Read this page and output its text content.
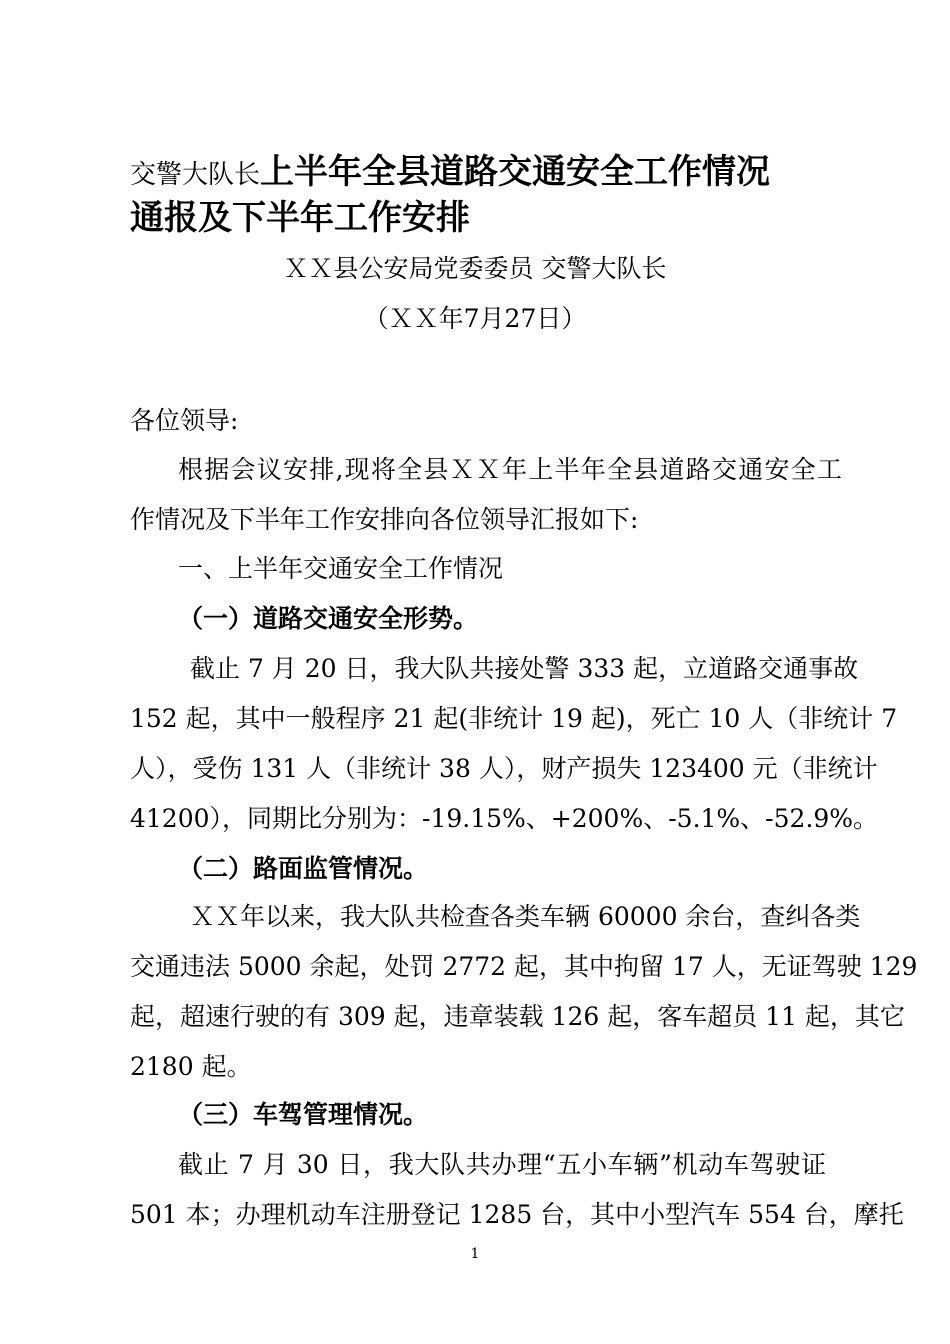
交警大队长上半年全县道路交通安全工作情况
通报及下半年工作安排
ＸＸ县公安局党委委员 交警大队长
（ＸＸ年7月27日）
各位领导:
根据会议安排,现将全县ＸＸ年上半年全县道路交通安全工
作情况及下半年工作安排向各位领导汇报如下:
一、上半年交通安全工作情况
（一）道路交通安全形势。
截止 7 月 20 日，我大队共接处警 333 起，立道路交通事故
152 起，其中一般程序 21 起(非统计 19 起)，死亡 10 人（非统计 7
人），受伤 131 人（非统计 38 人），财产损失 123400 元（非统计
41200），同期比分别为：-19.15%、+200%、-5.1%、-52.9%。
（二）路面监管情况。
ＸＸ年以来，我大队共检查各类车辆 60000 余台，查纠各类
交通违法 5000 余起，处罚 2772 起，其中拘留 17 人，无证驾驶 129
起，超速行驶的有 309 起，违章装载 126 起，客车超员 11 起，其它
2180 起。
（三）车驾管理情况。
截止 7 月 30 日，我大队共办理“五小车辆”机动车驾驶证
501 本；办理机动车注册登记 1285 台，其中小型汽车 554 台，摩托
1
